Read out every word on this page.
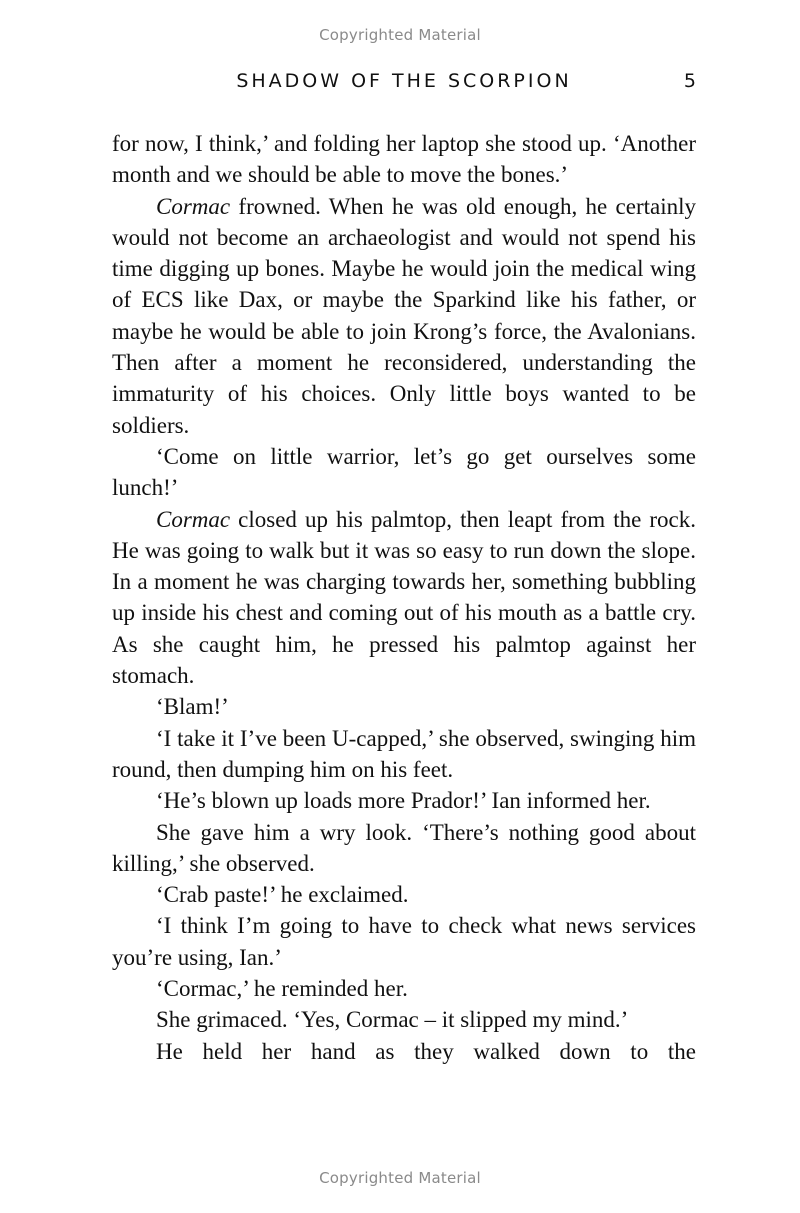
Copyrighted Material
SHADOW OF THE SCORPION	5

for now, I think,’ and folding her laptop she stood up. ‘Another month and we should be able to move the bones.’

Cormac frowned. When he was old enough, he certainly would not become an archaeologist and would not spend his time digging up bones. Maybe he would join the medical wing of ECS like Dax, or maybe the Sparkind like his father, or maybe he would be able to join Krong’s force, the Avalonians. Then after a moment he reconsidered, understanding the immaturity of his choices. Only little boys wanted to be soldiers.

‘Come on little warrior, let’s go get ourselves some lunch!’

Cormac closed up his palmtop, then leapt from the rock. He was going to walk but it was so easy to run down the slope. In a moment he was charging towards her, something bubbling up inside his chest and coming out of his mouth as a battle cry. As she caught him, he pressed his palmtop against her stomach.

‘Blam!’

‘I take it I’ve been U-capped,’ she observed, swinging him round, then dumping him on his feet.

‘He’s blown up loads more Prador!’ Ian informed her.

She gave him a wry look. ‘There’s nothing good about killing,’ she observed.

‘Crab paste!’ he exclaimed.

‘I think I’m going to have to check what news services you’re using, Ian.’

‘Cormac,’ he reminded her.

She grimaced. ‘Yes, Cormac – it slipped my mind.’

He held her hand as they walked down to the

Copyrighted Material
